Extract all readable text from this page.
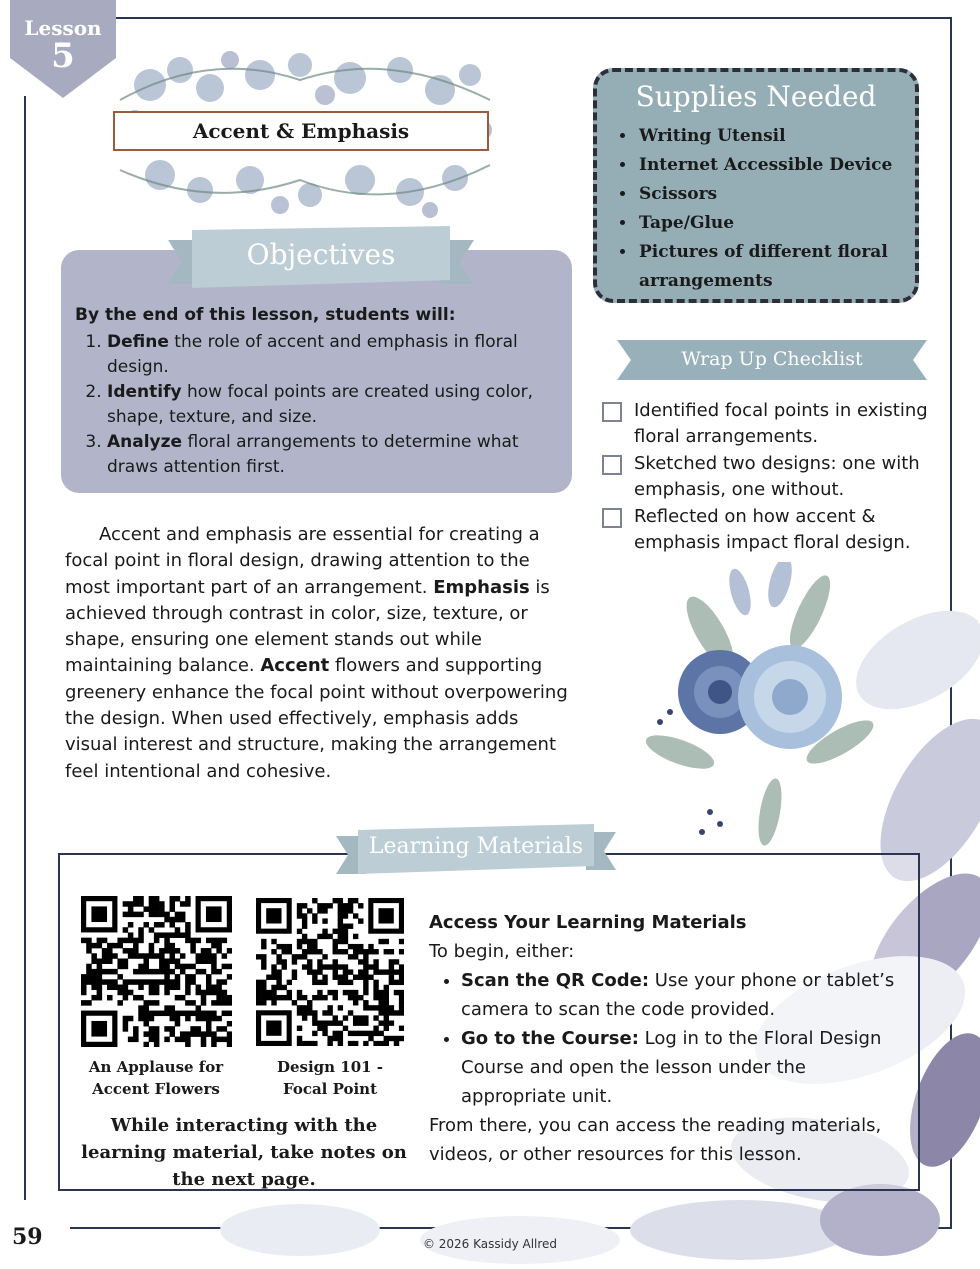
Lesson
5
Accent & Emphasis
Supplies Needed
• Writing Utensil
• Internet Accessible Device
• Scissors
• Tape/Glue
• Pictures of different floral arrangements
By the end of this lesson, students will:
1. Define the role of accent and emphasis in floral design.
2. Identify how focal points are created using color, shape, texture, and size.
3. Analyze floral arrangements to determine what draws attention first.
Objectives
Wrap Up Checklist
Identified focal points in existing floral arrangements.
Sketched two designs: one with emphasis, one without.
Reflected on how accent & emphasis impact floral design.
Accent and emphasis are essential for creating a focal point in floral design, drawing attention to the most important part of an arrangement. Emphasis is achieved through contrast in color, size, texture, or shape, ensuring one element stands out while maintaining balance. Accent flowers and supporting greenery enhance the focal point without overpowering the design. When used effectively, emphasis adds visual interest and structure, making the arrangement feel intentional and cohesive.
Learning Materials
An Applause for Accent Flowers
Design 101 - Focal Point
While interacting with the learning material, take notes on the next page.
Access Your Learning Materials
To begin, either:
• Scan the QR Code: Use your phone or tablet’s camera to scan the code provided.
• Go to the Course: Log in to the Floral Design Course and open the lesson under the appropriate unit.
From there, you can access the reading materials, videos, or other resources for this lesson.
59	© 2026 Kassidy Allred
